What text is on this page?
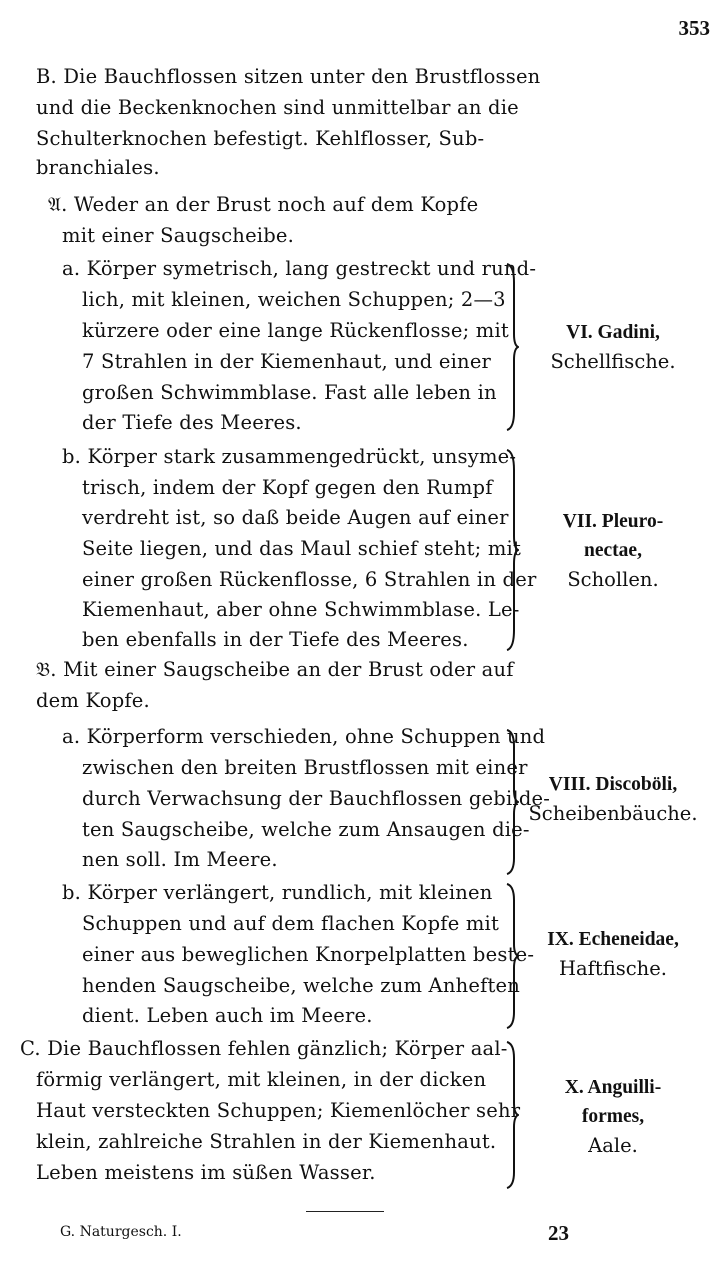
353
B. Die Bauchflossen sitzen unter den Brustflossen
und die Beckenknochen sind unmittelbar an die
Schulterknochen befestigt. Kehlflosser, Sub-
branchiales.
𝔄. Weder an der Brust noch auf dem Kopfe
mit einer Saugscheibe.
a. Körper symetrisch, lang gestreckt und rund-
lich, mit kleinen, weichen Schuppen; 2—3
kürzere oder eine lange Rückenflosse; mit
7 Strahlen in der Kiemenhaut, und einer
großen Schwimmblase. Fast alle leben in
der Tiefe des Meeres.
VI. Gadini,
Schellfische.
b. Körper stark zusammengedrückt, unsyme-
trisch, indem der Kopf gegen den Rumpf
verdreht ist, so daß beide Augen auf einer
Seite liegen, und das Maul schief steht; mit
einer großen Rückenflosse, 6 Strahlen in der
Kiemenhaut, aber ohne Schwimmblase. Le-
ben ebenfalls in der Tiefe des Meeres.
VII. Pleuro-
nectae,
Schollen.
𝔅. Mit einer Saugscheibe an der Brust oder auf
dem Kopfe.
a. Körperform verschieden, ohne Schuppen und
zwischen den breiten Brustflossen mit einer
durch Verwachsung der Bauchflossen gebilde-
ten Saugscheibe, welche zum Ansaugen die-
nen soll. Im Meere.
VIII. Discoböli,
Scheibenbäuche.
b. Körper verlängert, rundlich, mit kleinen
Schuppen und auf dem flachen Kopfe mit
einer aus beweglichen Knorpelplatten beste-
henden Saugscheibe, welche zum Anheften
dient. Leben auch im Meere.
IX. Echeneidae,
Haftfische.
C. Die Bauchflossen fehlen gänzlich; Körper aal-
förmig verlängert, mit kleinen, in der dicken
Haut versteckten Schuppen; Kiemenlöcher sehr
klein, zahlreiche Strahlen in der Kiemenhaut.
Leben meistens im süßen Wasser.
X. Anguilli-
formes,
Aale.
G. Naturgesch. I.	23
